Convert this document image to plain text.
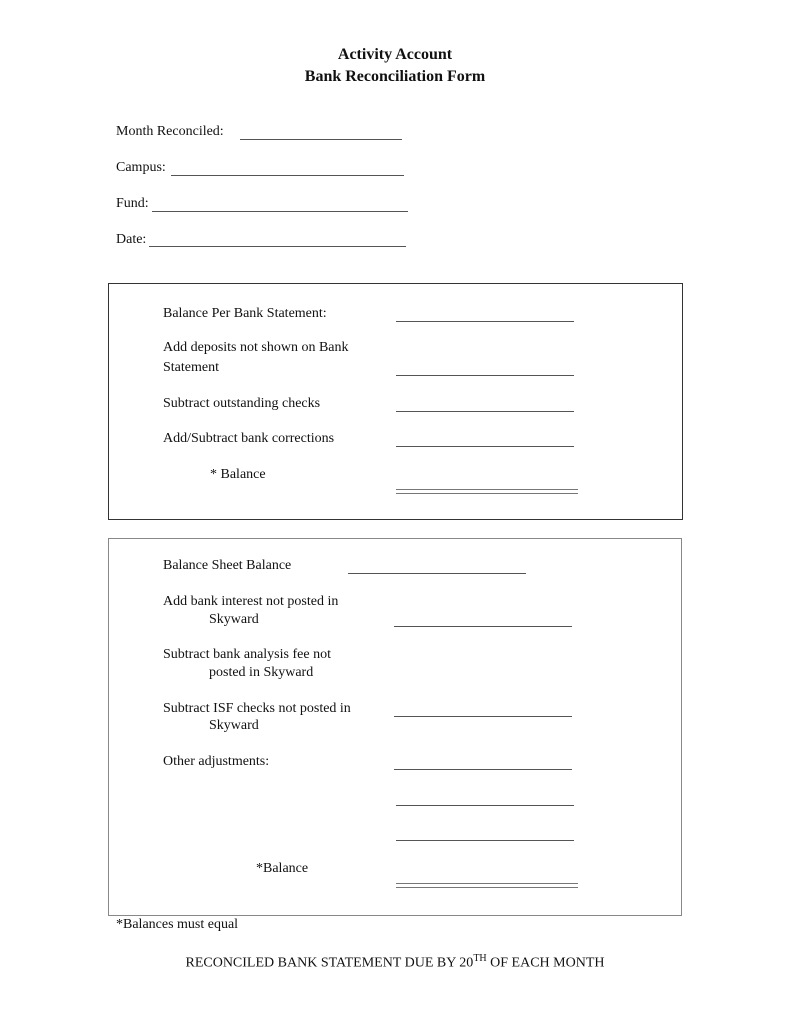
Activity Account
Bank Reconciliation Form
Month Reconciled:
Campus:
Fund:
Date:
Balance Per Bank Statement:
Add deposits not shown on Bank
Statement
Subtract outstanding checks
Add/Subtract bank corrections
* Balance
Balance Sheet Balance
Add bank interest not posted in
Skyward
Subtract bank analysis fee not
posted in Skyward
Subtract ISF checks not posted in
Skyward
Other adjustments:
*Balance
*Balances must equal
RECONCILED BANK STATEMENT DUE BY 20TH OF EACH MONTH
